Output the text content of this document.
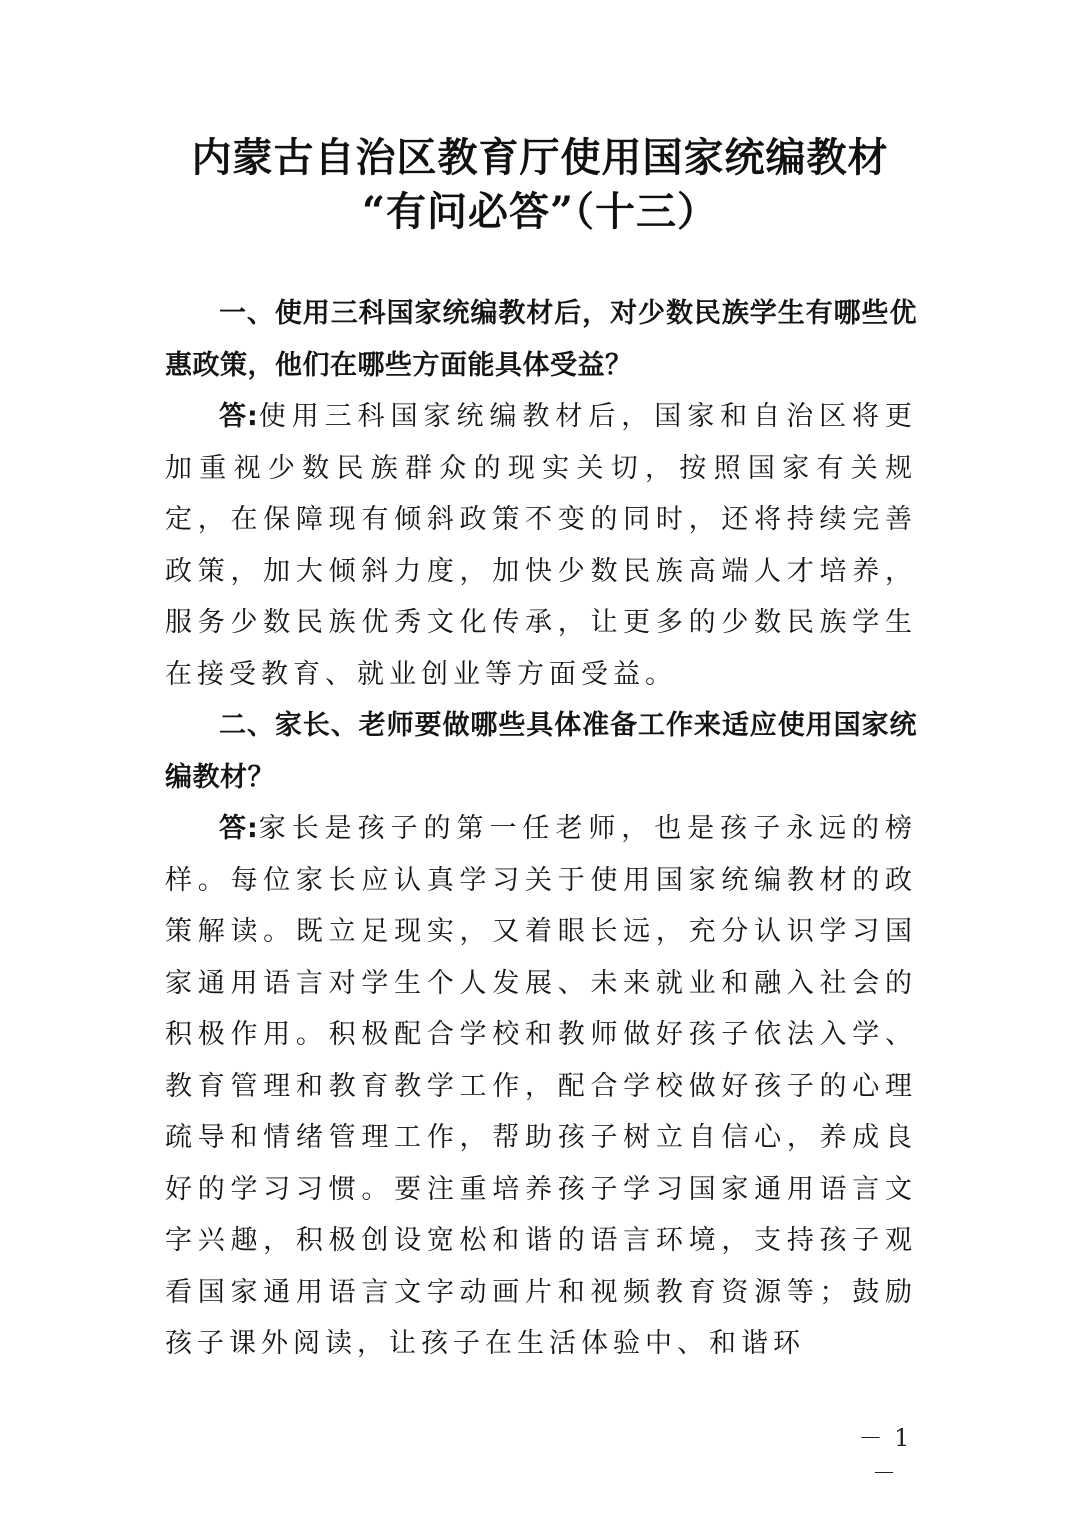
内蒙古自治区教育厅使用国家统编教材
“有问必答”（十三）

一、使用三科国家统编教材后，对少数民族学生有哪些优惠政策，他们在哪些方面能具体受益？

答:使用三科国家统编教材后，国家和自治区将更加重视少数民族群众的现实关切，按照国家有关规定，在保障现有倾斜政策不变的同时，还将持续完善政策，加大倾斜力度，加快少数民族高端人才培养，服务少数民族优秀文化传承，让更多的少数民族学生在接受教育、就业创业等方面受益。

二、家长、老师要做哪些具体准备工作来适应使用国家统编教材？

答:家长是孩子的第一任老师，也是孩子永远的榜样。每位家长应认真学习关于使用国家统编教材的政策解读。既立足现实，又着眼长远，充分认识学习国家通用语言对学生个人发展、未来就业和融入社会的积极作用。积极配合学校和教师做好孩子依法入学、教育管理和教育教学工作，配合学校做好孩子的心理疏导和情绪管理工作，帮助孩子树立自信心，养成良好的学习习惯。要注重培养孩子学习国家通用语言文字兴趣，积极创设宽松和谐的语言环境，支持孩子观看国家通用语言文字动画片和视频教育资源等；鼓励孩子课外阅读，让孩子在生活体验中、和谐环

－ 1 －
